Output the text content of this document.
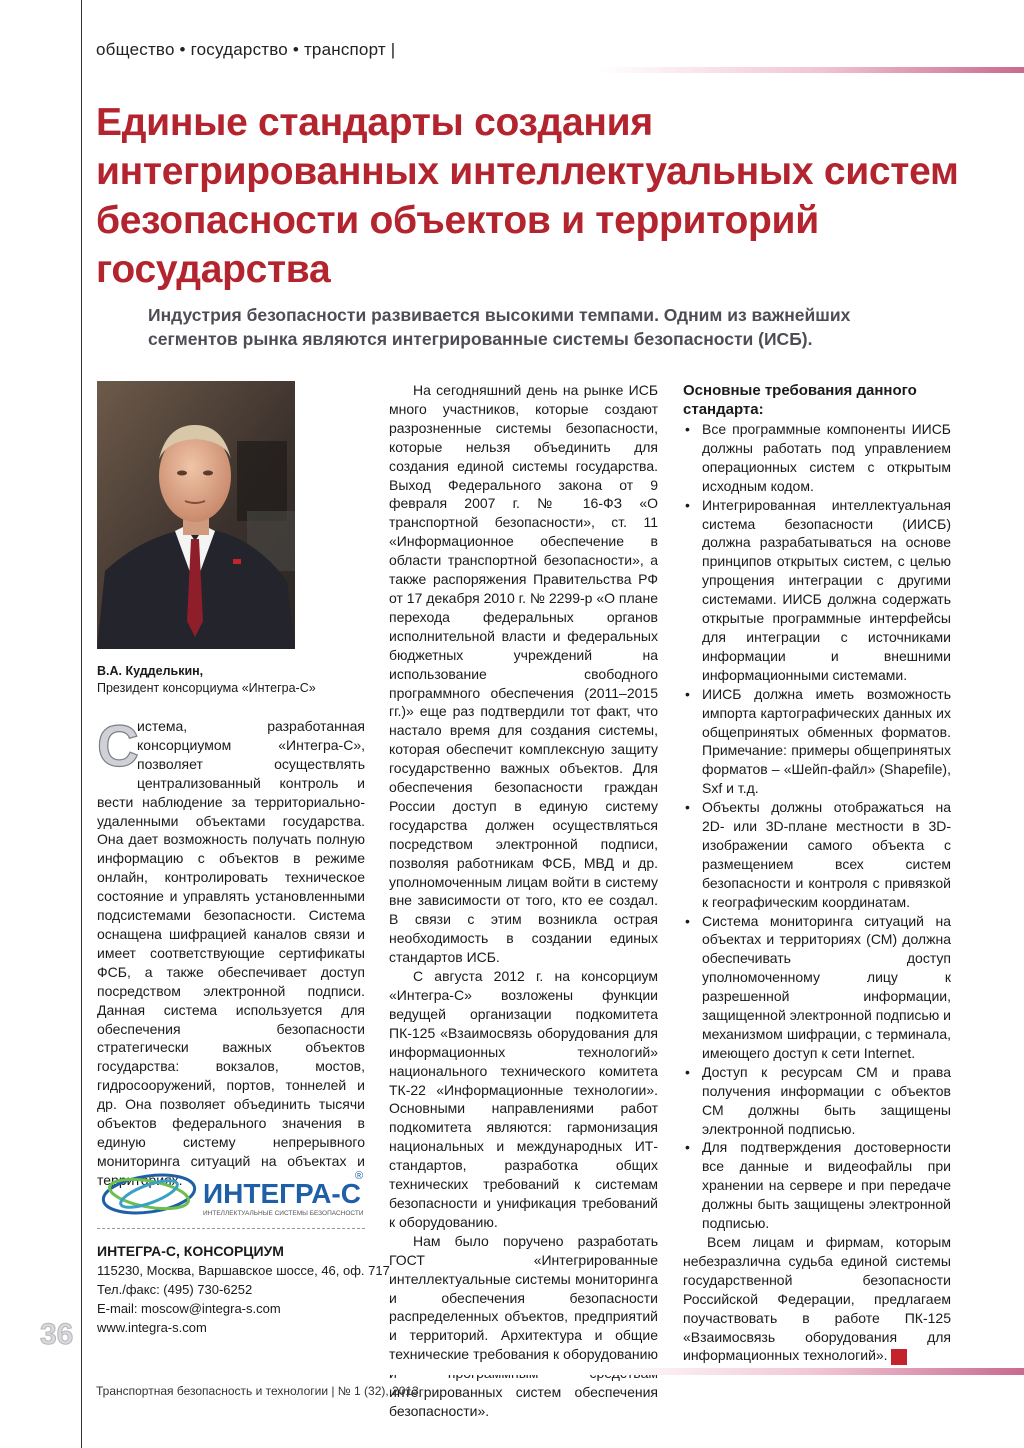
общество • государство • транспорт |
Единые стандарты создания интегрированных интеллектуальных систем безопасности объектов и территорий государства

Индустрия безопасности развивается высокими темпами. Одним из важнейших сегментов рынка являются интегрированные системы безопасности (ИСБ).

В.А. Кудделькин,
Президент консорциума «Интегра-С»
С

истема, разработанная консорциумом «Интегра-С», позволяет осуществлять централизованный контроль и вести наблюдение за территориально-удаленными объектами государства. Она дает возможность получать полную информацию с объектов в режиме онлайн, контролировать техническое состояние и управлять установленными подсистемами безопасности. Система оснащена шифрацией каналов связи и имеет соответствующие сертификаты ФСБ, а также обеспечивает доступ посредством электронной подписи. Данная система используется для обеспечения безопасности стратегически важных объектов государства: вокзалов, мостов, гидросооружений, портов, тоннелей и др. Она позволяет объединить тысячи объектов федерального значения в единую систему непрерывного мониторинга ситуаций на объектах и территориях.

На сегодняшний день на рынке ИСБ много участников, которые создают разрозненные системы безопасности, которые нельзя объединить для создания единой системы государства. Выход Федерального закона от 9 февраля 2007 г. № 16-ФЗ «О транспортной безопасности», ст. 11 «Информационное обеспечение в области транспортной безопасности», а также распоряжения Правительства РФ от 17 декабря 2010 г. № 2299-р «О плане перехода федеральных органов исполнительной власти и федеральных бюджетных учреждений на использование свободного программного обеспечения (2011–2015 гг.)» еще раз подтвердили тот факт, что настало время для создания системы, которая обеспечит комплексную защиту государственно важных объектов. Для обеспечения безопасности граждан России доступ в единую систему государства должен осуществляться посредством электронной подписи, позволяя работникам ФСБ, МВД и др. уполномоченным лицам войти в систему вне зависимости от того, кто ее создал. В связи с этим возникла острая необходимость в создании единых стандартов ИСБ.

С августа 2012 г. на консорциум «Интегра-С» возложены функции ведущей организации подкомитета ПК-125 «Взаимосвязь оборудования для информационных технологий» национального технического комитета ТК-22 «Информационные технологии». Основными направлениями работ подкомитета являются: гармонизация национальных и международных ИТ-стандартов, разработка общих технических требований к системам безопасности и унификация требований к оборудованию.

Нам было поручено разработать ГОСТ «Интегрированные интеллектуальные системы мониторинга и обеспечения безопасности распределенных объектов, предприятий и территорий. Архитектура и общие технические требования к оборудованию интегрированных систем обеспечения безопасности».

Основные требования данного стандарта:
• Все программные компоненты ИИСБ должны работать под управлением операционных систем с открытым исходным кодом.
• Интегрированная интеллектуальная система безопасности (ИИСБ) должна разрабатываться на основе принципов открытых систем, с целью упрощения интеграции с другими системами. ИИСБ должна содержать открытые программные интерфейсы для интеграции с источниками информации и внешними информационными системами.
• ИИСБ должна иметь возможность импорта картографических данных их общепринятых обменных форматов. Примечание: примеры общепринятых форматов – «Шейп-файл» (Shapefile), Sxf и т.д.
• Объекты должны отображаться на 2D- или 3D-плане местности в 3D-изображении самого объекта с размещением всех систем безопасности и контроля с привязкой к географическим координатам.
• Система мониторинга ситуаций на объектах и территориях (СМ) должна обеспечивать доступ уполномоченному лицу к разрешенной информации, защищенной электронной подписью и механизмом шифрации, с терминала, имеющего доступ к сети Internet.
• Доступ к ресурсам СМ и права получения информации с объектов СМ должны быть защищены электронной подписью.
• Для подтверждения достоверности все данные и видеофайлы при хранении на сервере и при передаче должны быть защищены электронной подписью.

Всем лицам и фирмам, которым небезразлична судьба единой системы государственной безопасности Российской Федерации, предлагаем поучаствовать в работе ПК-125 «Взаимосвязь оборудования для информационных технологий».	ТБ

ИНТЕГРА-С
®
ИНТЕЛЛЕКТУАЛЬНЫЕ СИСТЕМЫ БЕЗОПАСНОСТИ
ИНТЕГРА-С, КОНСОРЦИУМ
115230, Москва, Варшавское шоссе, 46, оф. 717
Тел./факс: (495) 730-6252
E-mail: moscow@integra-s.com
www.integra-s.com
36
Транспортная безопасность и технологии | № 1 (32), 2013
